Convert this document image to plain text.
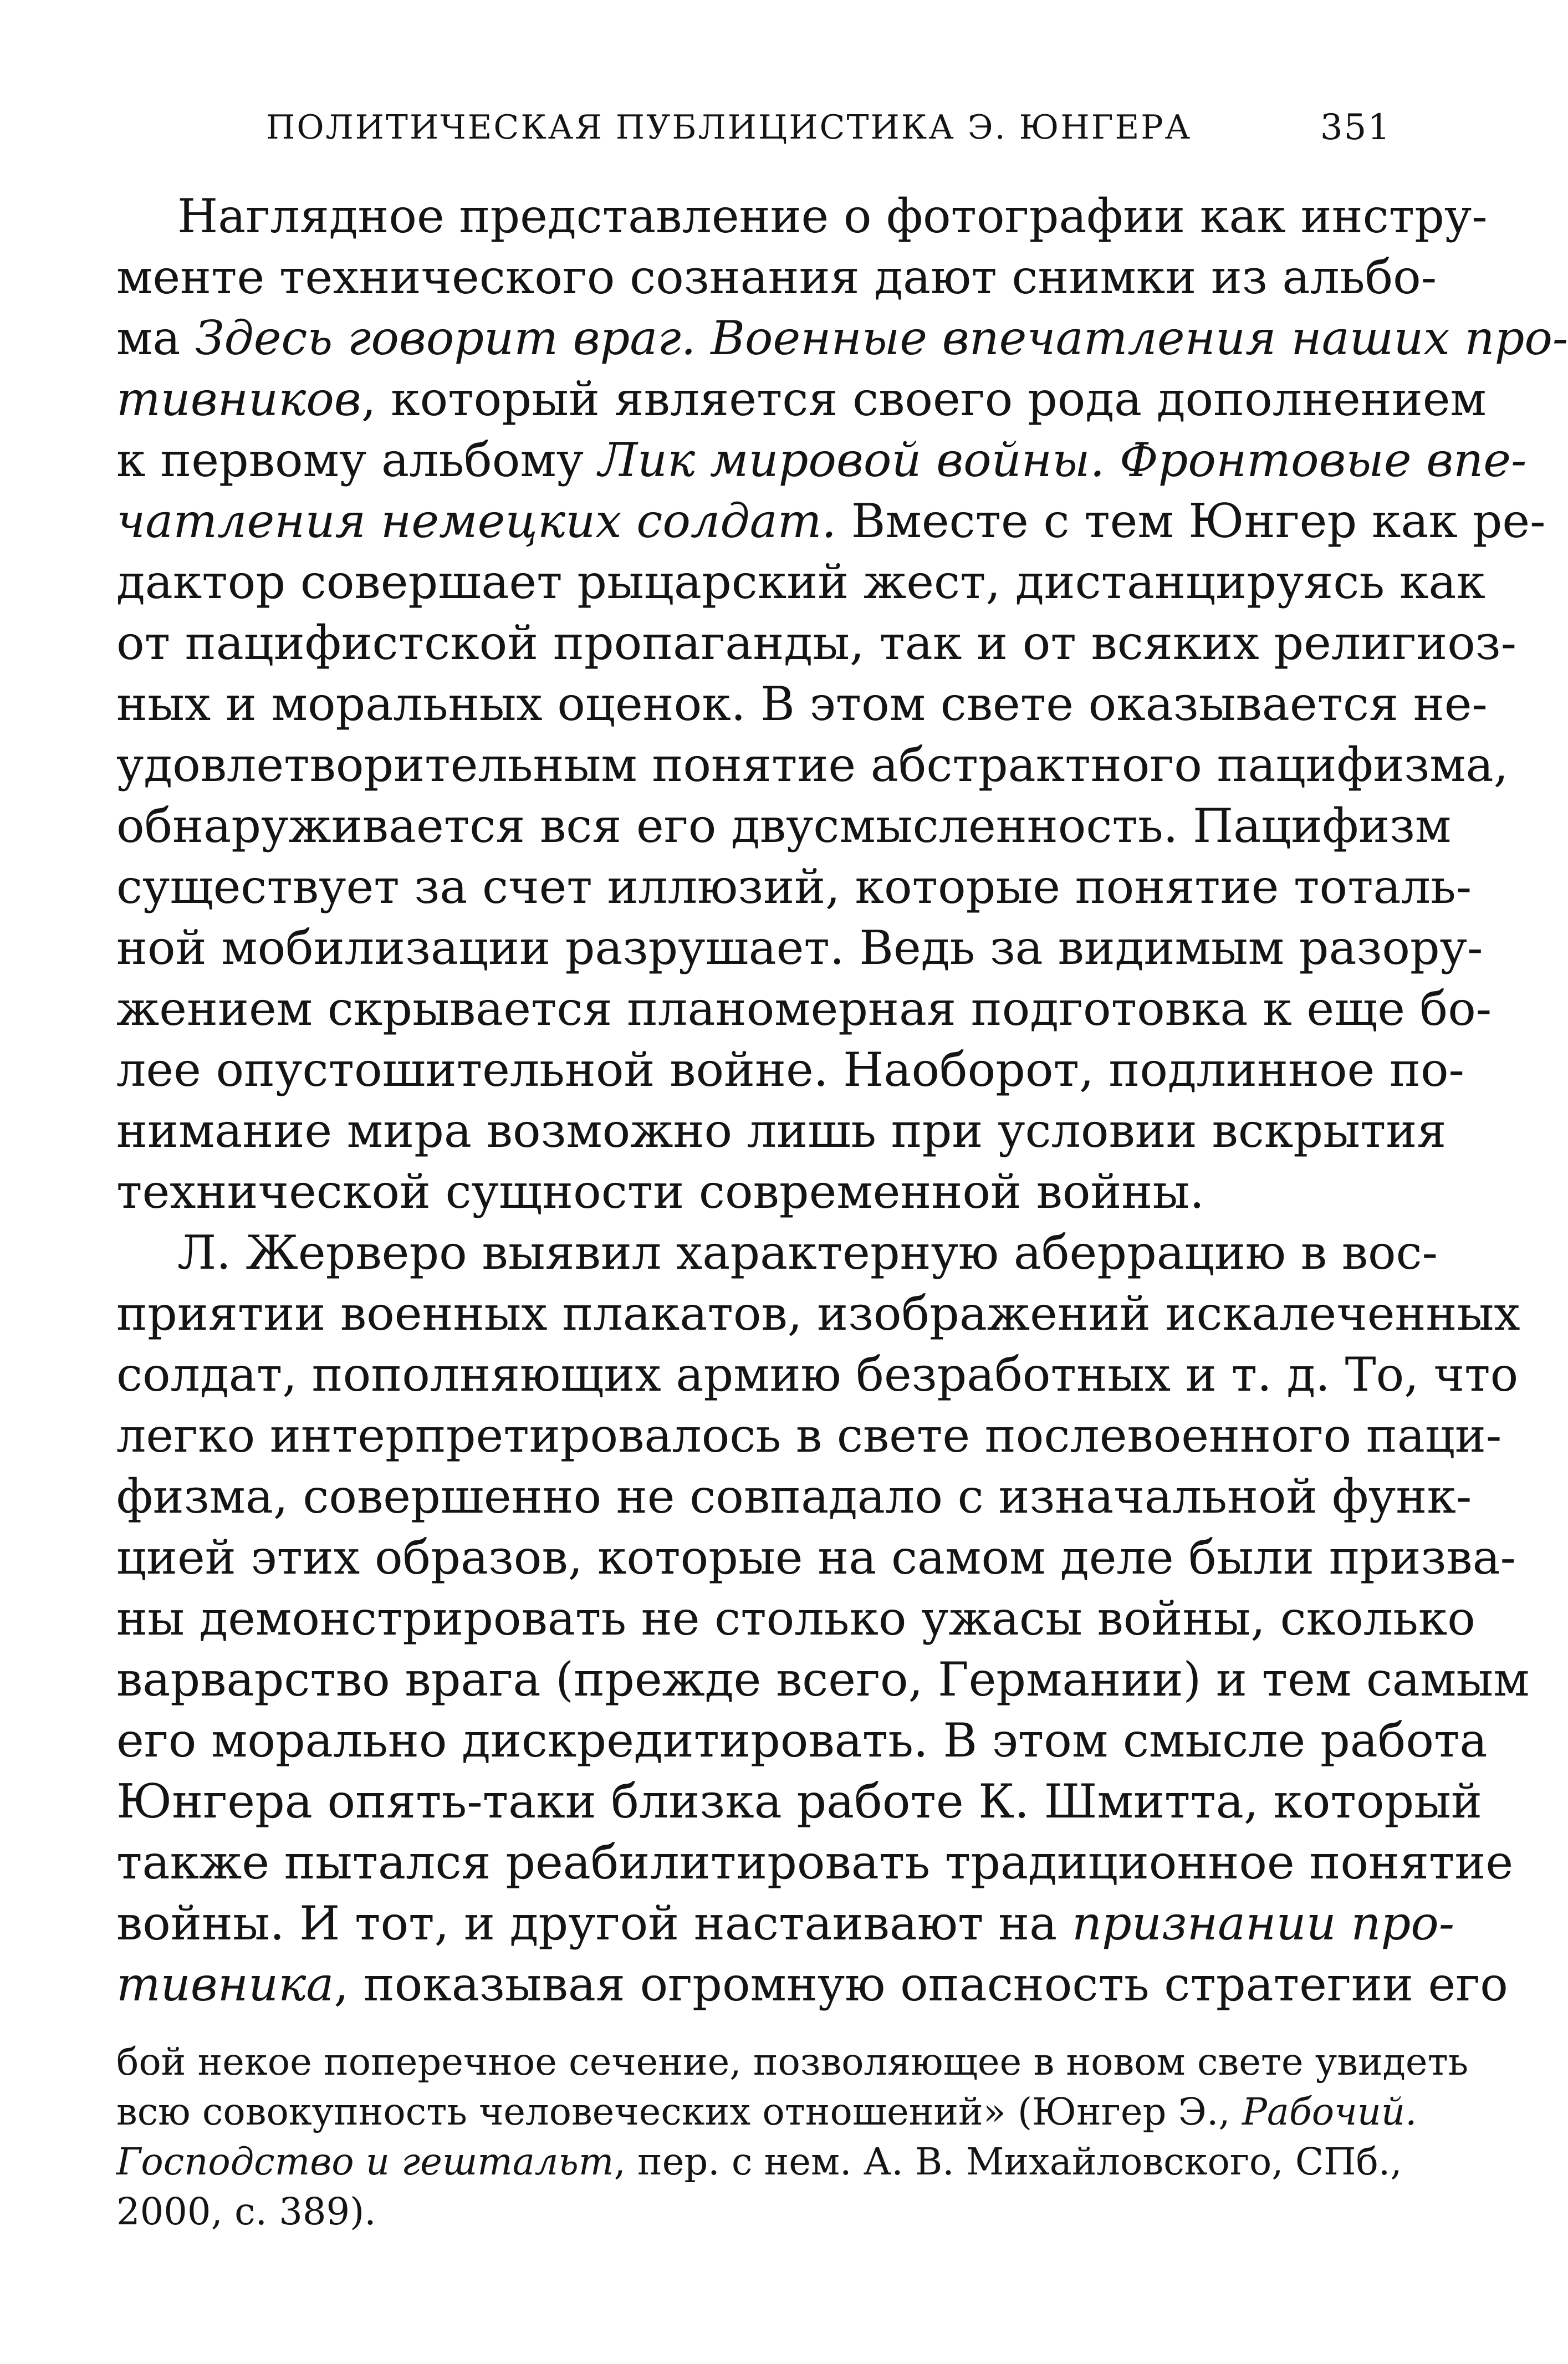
ПОЛИТИЧЕСКАЯ ПУБЛИЦИСТИКА Э. ЮНГЕРА	351
Наглядное представление о фотографии как инстру-
менте технического сознания дают снимки из альбо-
ма Здесь говорит враг. Военные впечатления наших про-
тивников, который является своего рода дополнением
к первому альбому Лик мировой войны. Фронтовые впе-
чатления немецких солдат. Вместе с тем Юнгер как ре-
дактор совершает рыцарский жест, дистанцируясь как
от пацифистской пропаганды, так и от всяких религиоз-
ных и моральных оценок. В этом свете оказывается не-
удовлетворительным понятие абстрактного пацифизма,
обнаруживается вся его двусмысленность. Пацифизм
существует за счет иллюзий, которые понятие тоталь-
ной мобилизации разрушает. Ведь за видимым разору-
жением скрывается планомерная подготовка к еще бо-
лее опустошительной войне. Наоборот, подлинное по-
нимание мира возможно лишь при условии вскрытия
технической сущности современной войны.
Л. Жерверо выявил характерную аберрацию в вос-
приятии военных плакатов, изображений искалеченных
солдат, пополняющих армию безработных и т. д. То, что
легко интерпретировалось в свете послевоенного паци-
физма, совершенно не совпадало с изначальной функ-
цией этих образов, которые на самом деле были призва-
ны демонстрировать не столько ужасы войны, сколько
варварство врага (прежде всего, Германии) и тем самым
его морально дискредитировать. В этом смысле работа
Юнгера опять-таки близка работе К. Шмитта, который
также пытался реабилитировать традиционное понятие
войны. И тот, и другой настаивают на признании про-
тивника, показывая огромную опасность стратегии его
бой некое поперечное сечение, позволяющее в новом свете увидеть
всю совокупность человеческих отношений» (Юнгер Э., Рабочий.
Господство и гештальт, пер. с нем. А. В. Михайловского, СПб.,
2000, с. 389).
